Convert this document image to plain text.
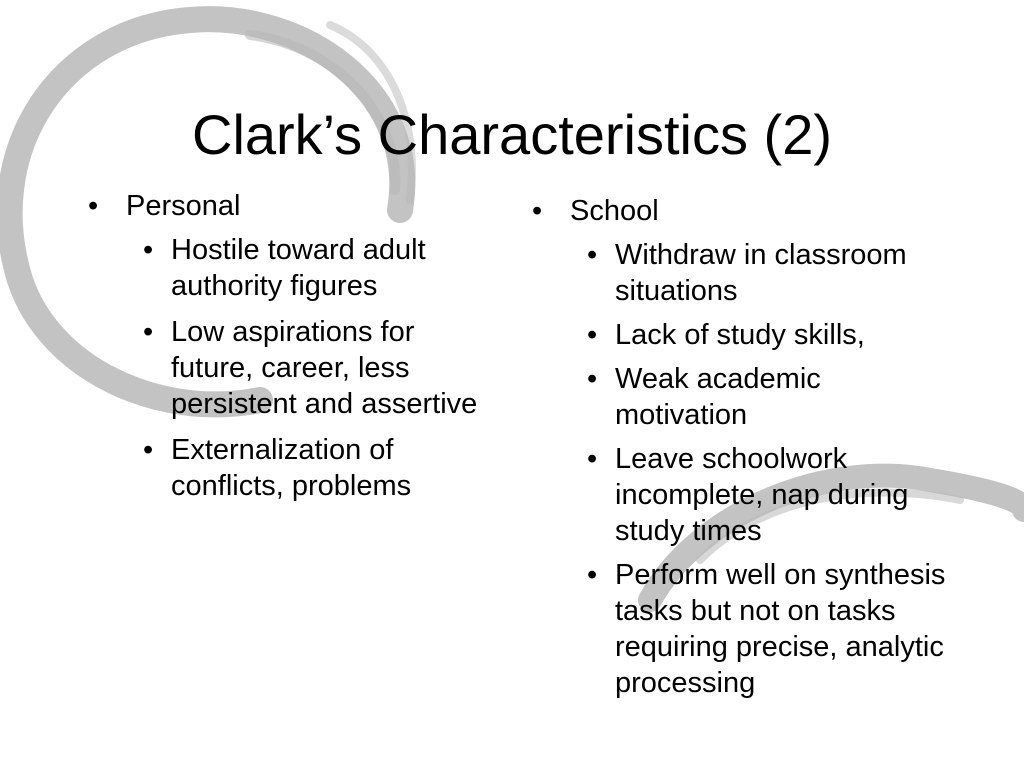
Clark’s Characteristics (2)
• Personal
• Hostile toward adult authority figures
• Low aspirations for future, career, less persistent and assertive
• Externalization of conflicts, problems
• School
• Withdraw in classroom situations
• Lack of study skills,
• Weak academic motivation
• Leave schoolwork incomplete, nap during study times
• Perform well on synthesis tasks but not on tasks requiring precise, analytic processing
